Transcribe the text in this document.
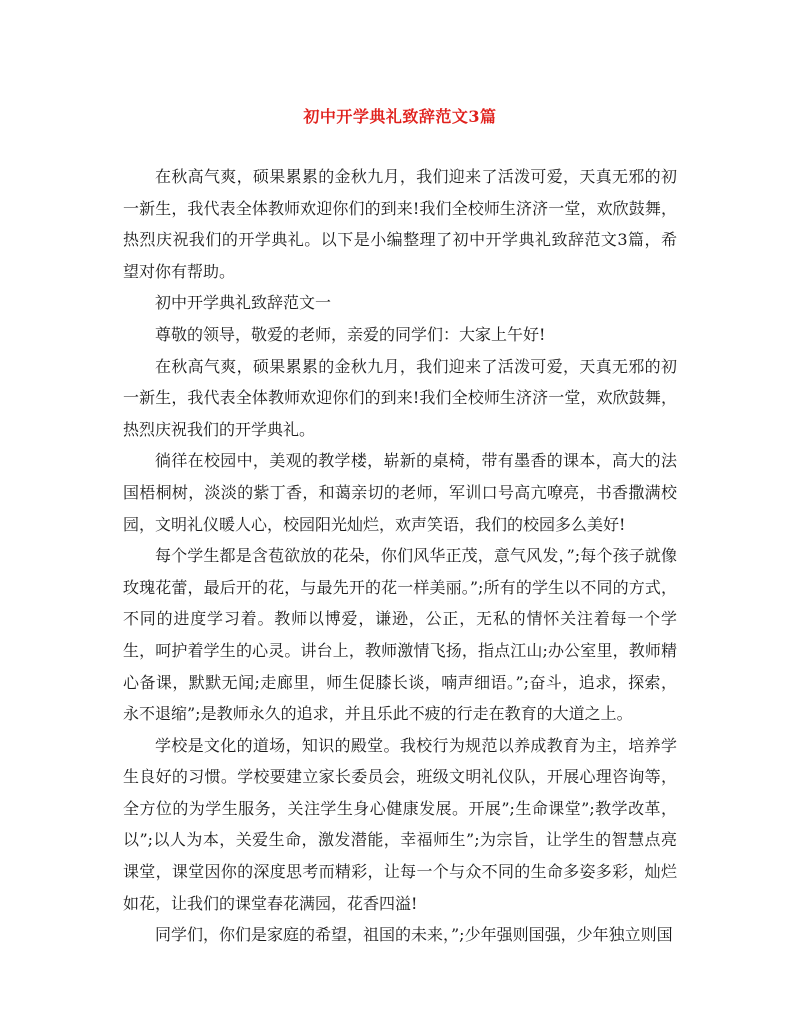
初中开学典礼致辞范文3篇

在秋高气爽，硕果累累的金秋九月，我们迎来了活泼可爱，天真无邪的初一新生，我代表全体教师欢迎你们的到来!我们全校师生济济一堂，欢欣鼓舞，热烈庆祝我们的开学典礼。以下是小编整理了初中开学典礼致辞范文3篇，希望对你有帮助。

初中开学典礼致辞范文一

尊敬的领导，敬爱的老师，亲爱的同学们：大家上午好!

在秋高气爽，硕果累累的金秋九月，我们迎来了活泼可爱，天真无邪的初一新生，我代表全体教师欢迎你们的到来!我们全校师生济济一堂，欢欣鼓舞，热烈庆祝我们的开学典礼。

徜徉在校园中，美观的教学楼，崭新的桌椅，带有墨香的课本，高大的法国梧桐树，淡淡的紫丁香，和蔼亲切的老师，军训口号高亢嘹亮，书香撒满校园，文明礼仪暖人心，校园阳光灿烂，欢声笑语，我们的校园多么美好!

每个学生都是含苞欲放的花朵，你们风华正茂，意气风发，”;每个孩子就像玫瑰花蕾，最后开的花，与最先开的花一样美丽。”;所有的学生以不同的方式，不同的进度学习着。教师以博爱，谦逊，公正，无私的情怀关注着每一个学生，呵护着学生的心灵。讲台上，教师激情飞扬，指点江山;办公室里，教师精心备课，默默无闻;走廊里，师生促膝长谈，喃声细语。”;奋斗，追求，探索，永不退缩”;是教师永久的追求，并且乐此不疲的行走在教育的大道之上。

学校是文化的道场，知识的殿堂。我校行为规范以养成教育为主，培养学生良好的习惯。学校要建立家长委员会，班级文明礼仪队，开展心理咨询等，全方位的为学生服务，关注学生身心健康发展。开展”;生命课堂”;教学改革，以”;以人为本，关爱生命，激发潜能，幸福师生”;为宗旨，让学生的智慧点亮课堂，课堂因你的深度思考而精彩，让每一个与众不同的生命多姿多彩，灿烂如花，让我们的课堂春花满园，花香四溢!

同学们，你们是家庭的希望，祖国的未来，”;少年强则国强，少年独立则国
